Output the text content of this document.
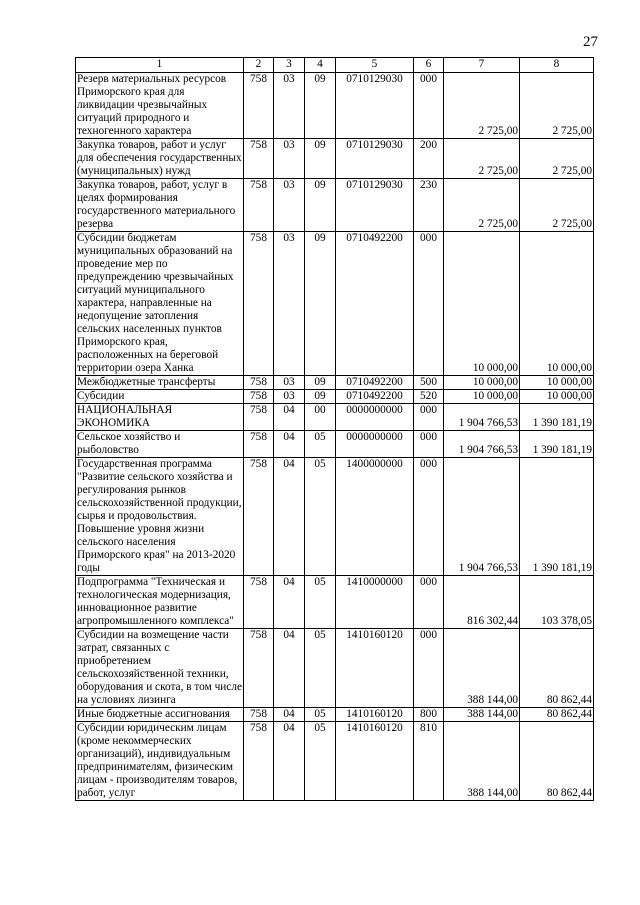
27
1	2	3	4	5	6	7	8
Резерв материальных ресурсов Приморского края для ликвидации чрезвычайных ситуаций природного и техногенного характера	758	03	09	0710129030	000	2 725,00	2 725,00
Закупка товаров, работ и услуг для обеспечения государственных (муниципальных) нужд	758	03	09	0710129030	200	2 725,00	2 725,00
Закупка товаров, работ, услуг в целях формирования государственного материального резерва	758	03	09	0710129030	230	2 725,00	2 725,00
Субсидии бюджетам муниципальных образований на проведение мер по предупреждению чрезвычайных ситуаций муниципального характера, направленные на недопущение затопления сельских населенных пунктов Приморского края, расположенных на береговой территории озера Ханка	758	03	09	0710492200	000	10 000,00	10 000,00
Межбюджетные трансферты	758	03	09	0710492200	500	10 000,00	10 000,00
Субсидии	758	03	09	0710492200	520	10 000,00	10 000,00
НАЦИОНАЛЬНАЯ ЭКОНОМИКА	758	04	00	0000000000	000	1 904 766,53	1 390 181,19
Сельское хозяйство и рыболовство	758	04	05	0000000000	000	1 904 766,53	1 390 181,19
Государственная программа "Развитие сельского хозяйства и регулирования рынков сельскохозяйственной продукции, сырья и продовольствия. Повышение уровня жизни сельского населения Приморского края" на 2013-2020 годы	758	04	05	1400000000	000	1 904 766,53	1 390 181,19
Подпрограмма "Техническая и технологическая модернизация, инновационное развитие агропромышленного комплекса"	758	04	05	1410000000	000	816 302,44	103 378,05
Субсидии на возмещение части затрат, связанных с приобретением сельскохозяйственной техники, оборудования и скота, в том числе на условиях лизинга	758	04	05	1410160120	000	388 144,00	80 862,44
Иные бюджетные ассигнования	758	04	05	1410160120	800	388 144,00	80 862,44
Субсидии юридическим лицам (кроме некоммерческих организаций), индивидуальным предпринимателям, физическим лицам - производителям товаров, работ, услуг	758	04	05	1410160120	810	388 144,00	80 862,44
